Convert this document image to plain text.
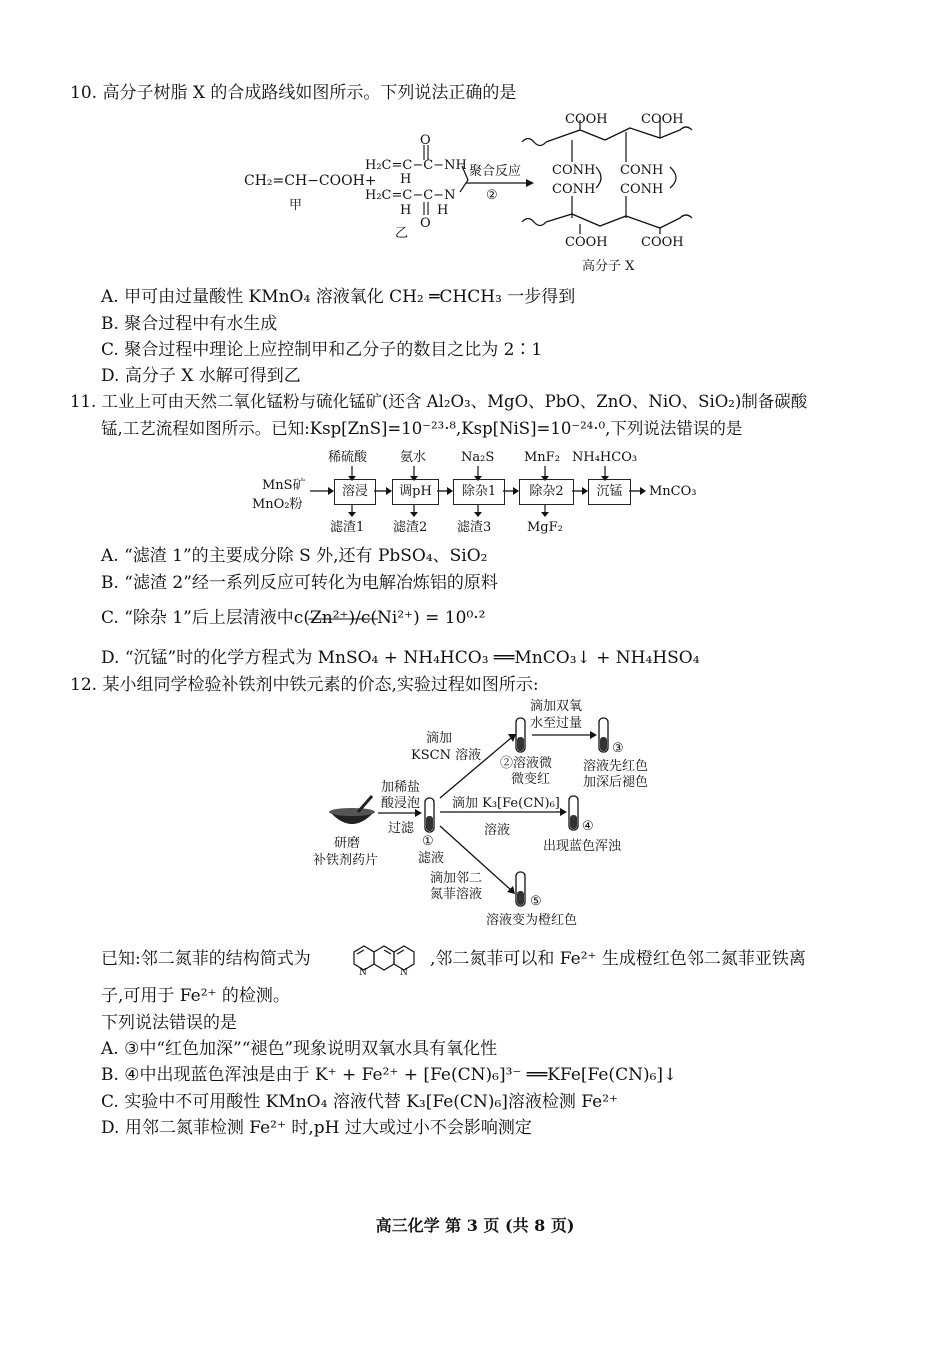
10. 高分子树脂 X 的合成路线如图所示。下列说法正确的是
CH₂=CH−COOH+
甲
H₂C=C−C−NH
H₂C=C−C−N
O
O
H
H H
乙
聚合反应
②
COOH	COOH
CONH CONH
CONH CONH
COOH	COOH
高分子 X
A. 甲可由过量酸性 KMnO₄ 溶液氧化 CH₂ ═CHCH₃ 一步得到
B. 聚合过程中有水生成
C. 聚合过程中理论上应控制甲和乙分子的数目之比为 2∶1
D. 高分子 X 水解可得到乙
11. 工业上可由天然二氧化锰粉与硫化锰矿(还含 Al₂O₃、MgO、PbO、ZnO、NiO、SiO₂)制备碳酸
锰,工艺流程如图所示。已知:Ksp[ZnS]=10⁻²³·⁸,Ksp[NiS]=10⁻²⁴·⁰,下列说法错误的是
MnS矿
MnO₂粉
稀硫酸	氨水	Na₂S MnF₂ NH₄HCO₃
溶浸	调pH	除杂1	除杂2	沉锰	MnCO₃
滤渣1 滤渣2 滤渣3	MgF₂
A. “滤渣 1”的主要成分除 S 外,还有 PbSO₄、SiO₂
B. “滤渣 2”经一系列反应可转化为电解冶炼铝的原料
C. “除杂 1”后上层清液中c(Zn²⁺)/c(Ni²⁺) = 10⁰·²
D. “沉锰”时的化学方程式为 MnSO₄ + NH₄HCO₃ ══MnCO₃↓ + NH₄HSO₄
12. 某小组同学检验补铁剂中铁元素的价态,实验过程如图所示:
研磨
补铁剂药片
加稀盐
酸浸泡
过滤
①
滤液
滴加
KSCN 溶液
②溶液微
微变红
滴加双氧
水至过量
③
溶液先红色
加深后褪色
滴加 K₃[Fe(CN)₆]
溶液	④
出现蓝色浑浊
滴加邻二
氮菲溶液	⑤
溶液变为橙红色
已知:邻二氮菲的结构简式为
N	N
,邻二氮菲可以和 Fe²⁺ 生成橙红色邻二氮菲亚铁离
子,可用于 Fe²⁺ 的检测。
下列说法错误的是
A. ③中“红色加深”“褪色”现象说明双氧水具有氧化性
B. ④中出现蓝色浑浊是由于 K⁺ + Fe²⁺ + [Fe(CN)₆]³⁻ ══KFe[Fe(CN)₆]↓
C. 实验中不可用酸性 KMnO₄ 溶液代替 K₃[Fe(CN)₆]溶液检测 Fe²⁺
D. 用邻二氮菲检测 Fe²⁺ 时,pH 过大或过小不会影响测定
高三化学 第 3 页 (共 8 页)
